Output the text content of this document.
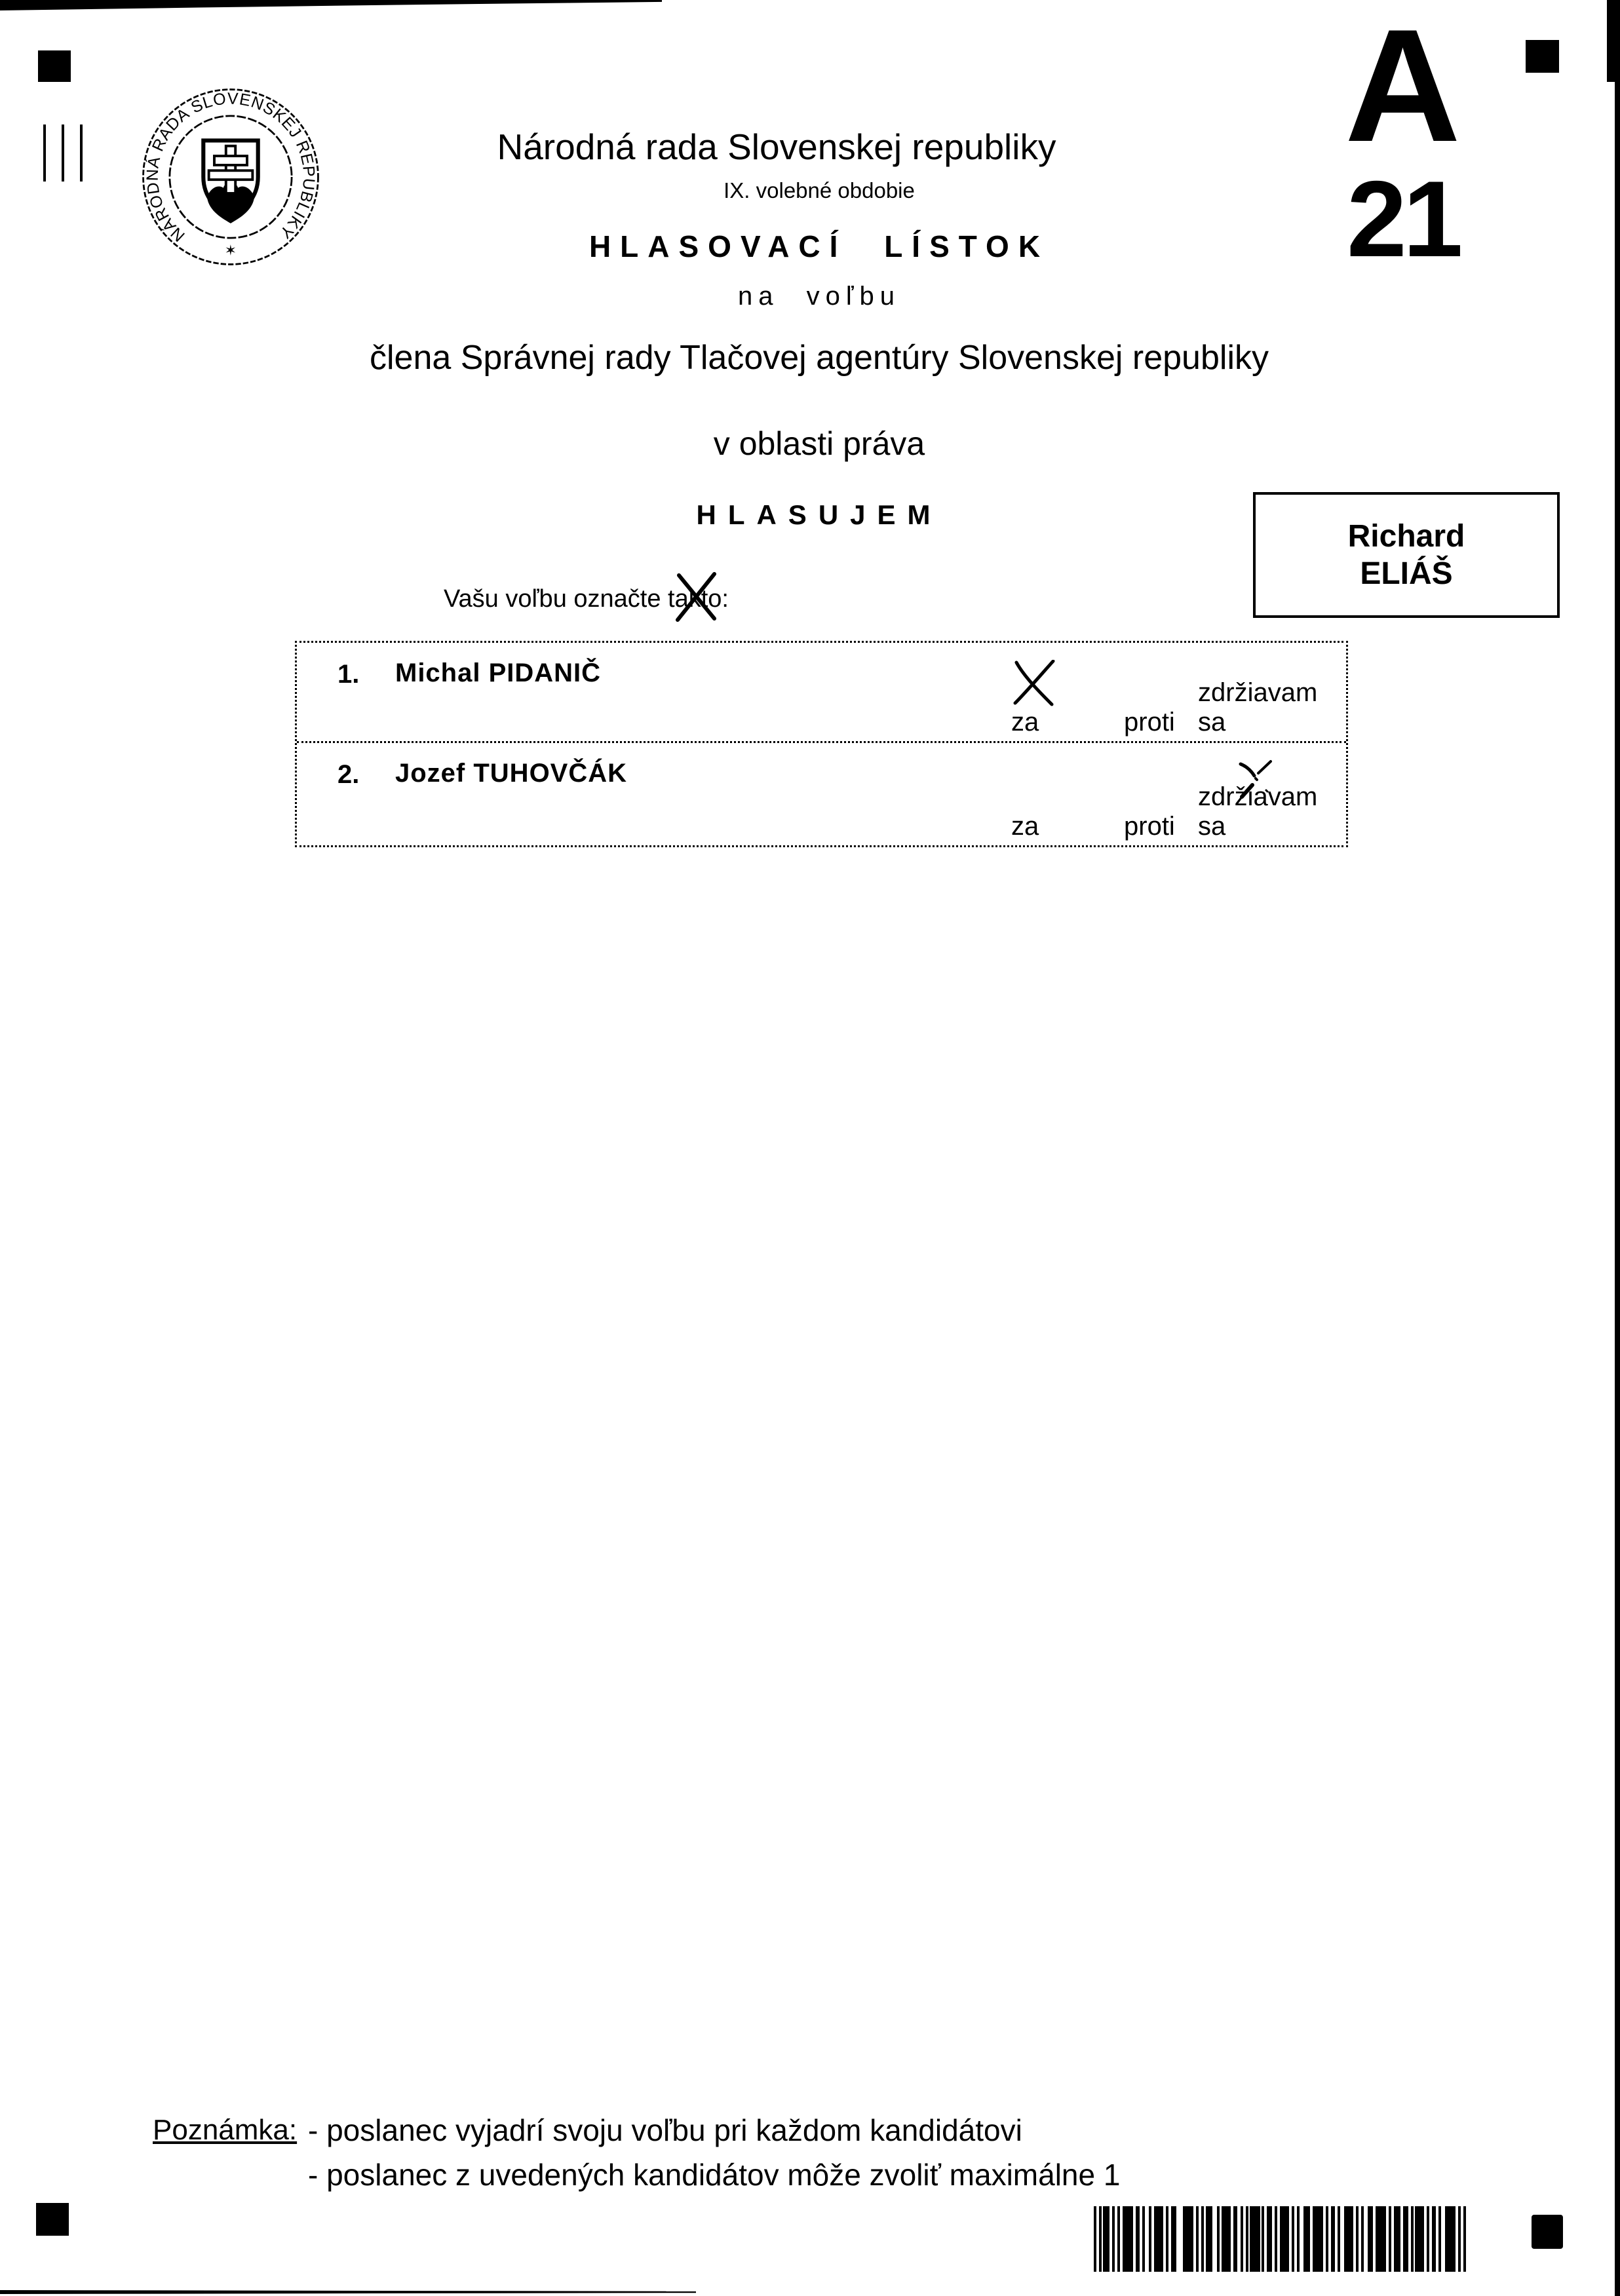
NÁRODNÁ RADA SLOVENSKEJ REPUBLIKY
✶
Národná rada Slovenskej republiky
IX. volebné obdobie
HLASOVACÍ LÍSTOK
na voľbu
člena Správnej rady Tlačovej agentúry Slovenskej republiky
v oblasti práva
HLASUJEM
A
21
Richard
ELIÁŠ
Vašu voľbu označte takto:
1. Michal PIDANIČ
za	proti
zdržiavam sa
2. Jozef TUHOVČÁK
za	proti
zdržiavam sa
Poznámka: - poslanec vyjadrí svoju voľbu pri každom kandidátovi
- poslanec z uvedených kandidátov môže zvoliť maximálne 1
